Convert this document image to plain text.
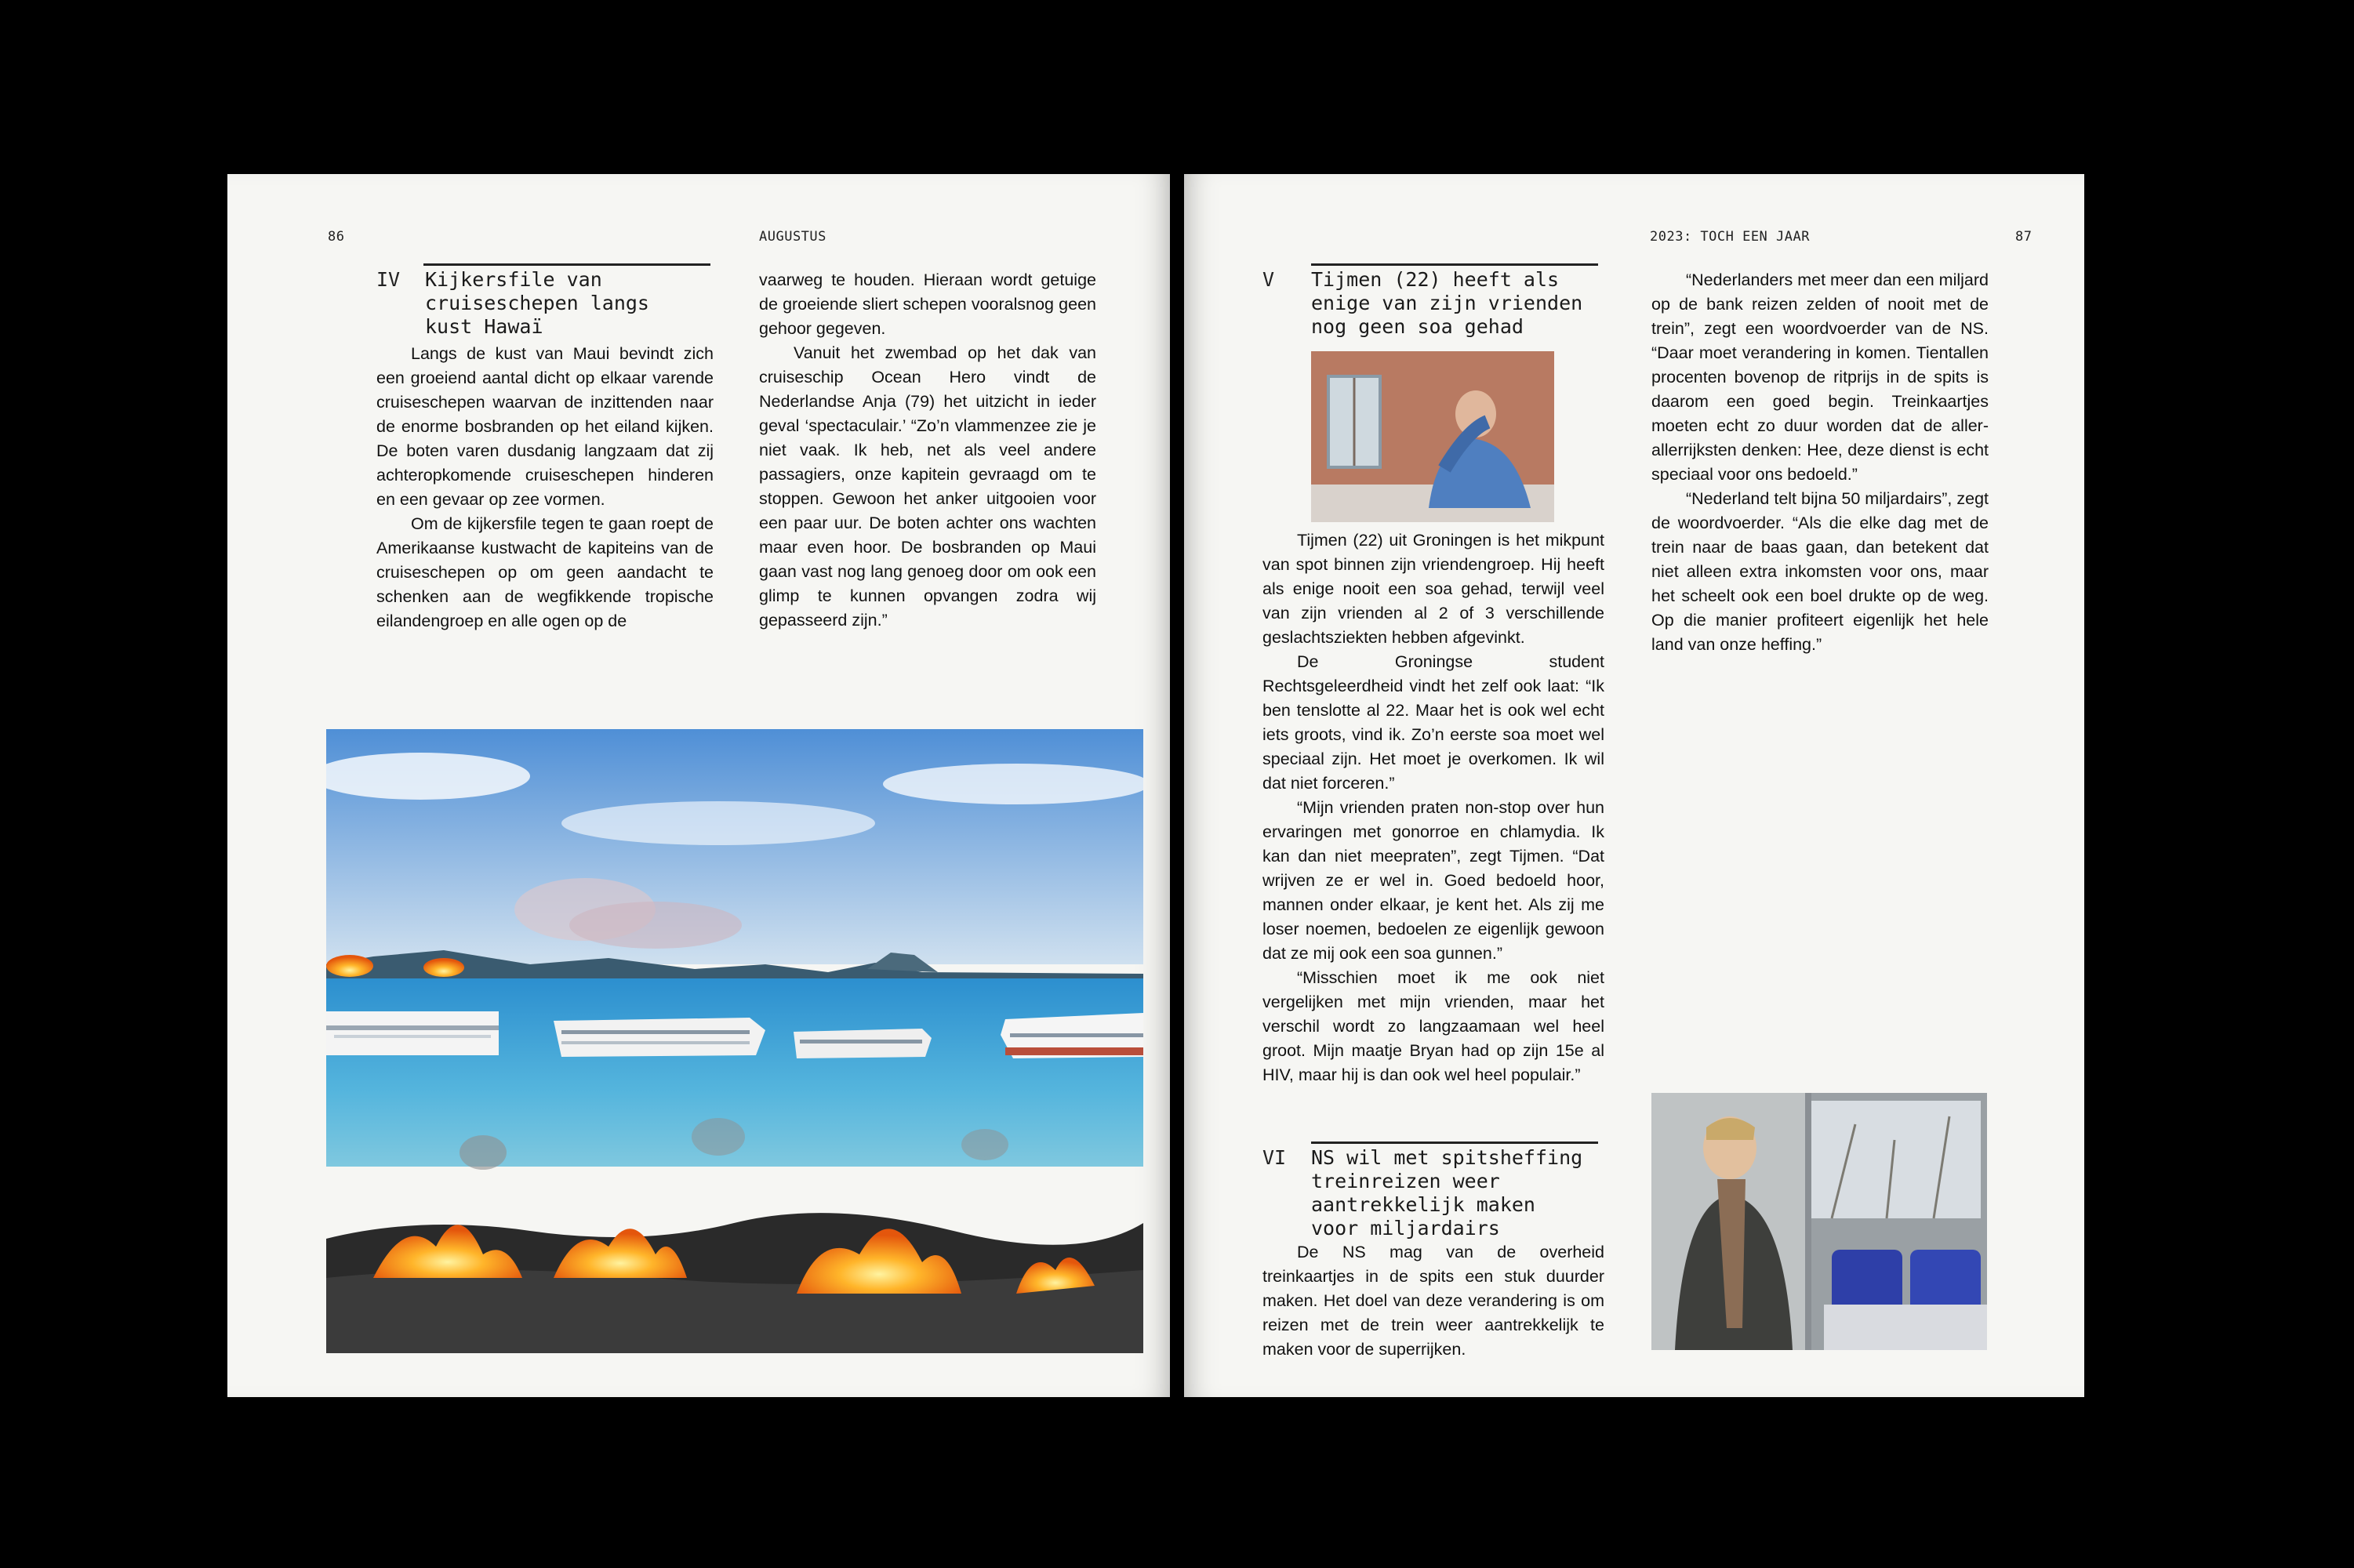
86	AUGUSTUS
IV Kijkersfile van
cruiseschepen langs
kust Hawaï

Langs de kust van Maui bevindt zich een groeiend aantal dicht op elkaar varende cruiseschepen waarvan de inzittenden naar de enorme bosbranden op het eiland kijken. De boten varen dusdanig langzaam dat zij achteropkomende cruiseschepen hinderen en een gevaar op zee vormen.

Om de kijkersfile tegen te gaan roept de Amerikaanse kustwacht de kapiteins van de cruiseschepen op om geen aandacht te schenken aan de wegfikkende tropische eilandengroep en alle ogen op de

vaarweg te houden. Hieraan wordt getuige de groeiende sliert schepen vooralsnog geen gehoor gegeven.

Vanuit het zwembad op het dak van cruiseschip Ocean Hero vindt de Nederlandse Anja (79) het uitzicht in ieder geval ‘spectaculair.’ “Zo’n vlammenzee zie je niet vaak. Ik heb, net als veel andere passagiers, onze kapitein gevraagd om te stoppen. Gewoon het anker uitgooien voor een paar uur. De boten achter ons wachten maar even hoor. De bosbranden op Maui gaan vast nog lang genoeg door om ook een glimp te kunnen opvangen zodra wij gepasseerd zijn.”

2023: TOCH EEN JAAR	87
V Tijmen (22) heeft als
enige van zijn vrienden
nog geen soa gehad

Tijmen (22) uit Groningen is het mikpunt van spot binnen zijn vriendengroep. Hij heeft als enige nooit een soa gehad, terwijl veel van zijn vrienden al 2 of 3 verschillende geslachtsziekten hebben afgevinkt.

De Groningse student Rechtsgeleerdheid vindt het zelf ook laat: “Ik ben tenslotte al 22. Maar het is ook wel echt iets groots, vind ik. Zo’n eerste soa moet wel speciaal zijn. Het moet je overkomen. Ik wil dat niet forceren.”

“Mijn vrienden praten non-stop over hun ervaringen met gonorroe en chlamydia. Ik kan dan niet meepraten”, zegt Tijmen. “Dat wrijven ze er wel in. Goed bedoeld hoor, mannen onder elkaar, je kent het. Als zij me loser noemen, bedoelen ze eigenlijk gewoon dat ze mij ook een soa gunnen.”

“Misschien moet ik me ook niet vergelijken met mijn vrienden, maar het verschil wordt zo langzaamaan wel heel groot. Mijn maatje Bryan had op zijn 15e al HIV, maar hij is dan ook wel heel populair.”

VI NS wil met spitsheffing
treinreizen weer
aantrekkelijk maken
voor miljardairs

De NS mag van de overheid treinkaartjes in de spits een stuk duurder maken. Het doel van deze verandering is om reizen met de trein weer aantrekkelijk te maken voor de superrijken.

“Nederlanders met meer dan een miljard op de bank reizen zelden of nooit met de trein”, zegt een woordvoerder van de NS. “Daar moet verandering in komen. Tientallen procenten bovenop de ritprijs in de spits is daarom een goed begin. Treinkaartjes moeten echt zo duur worden dat de aller-allerrijksten denken: Hee, deze dienst is echt speciaal voor ons bedoeld.”

“Nederland telt bijna 50 miljardairs”, zegt de woordvoerder. “Als die elke dag met de trein naar de baas gaan, dan betekent dat niet alleen extra inkomsten voor ons, maar het scheelt ook een boel drukte op de weg. Op die manier profiteert eigenlijk het hele land van onze heffing.”
